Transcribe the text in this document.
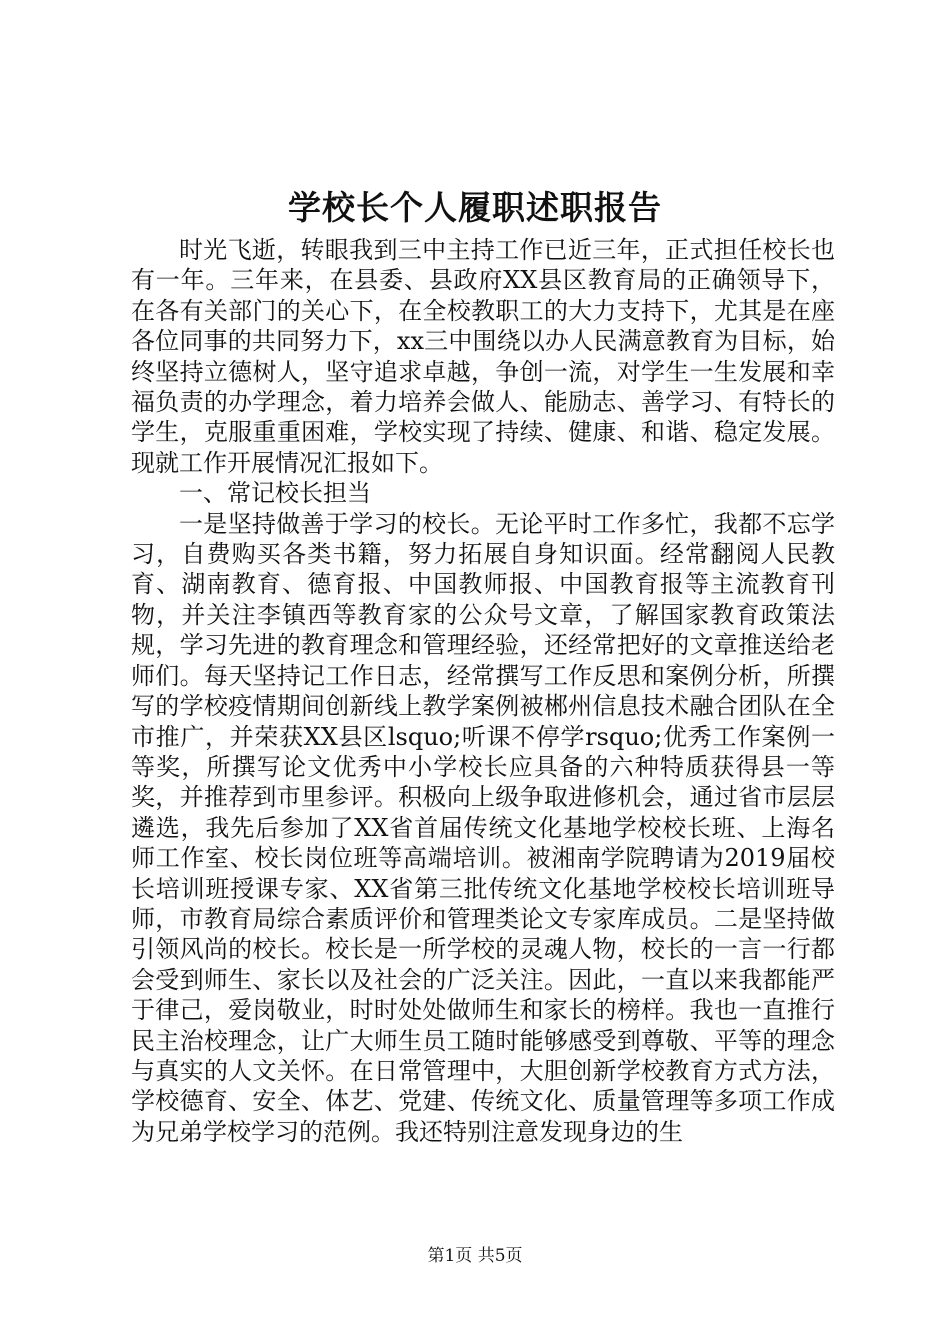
学校长个人履职述职报告

时光飞逝，转眼我到三中主持工作已近三年，正式担任校长也有一年。三年来，在县委、县政府XX县区教育局的正确领导下，在各有关部门的关心下，在全校教职工的大力支持下，尤其是在座各位同事的共同努力下，xx三中围绕以办人民满意教育为目标，始终坚持立德树人，坚守追求卓越，争创一流，对学生一生发展和幸福负责的办学理念，着力培养会做人、能励志、善学习、有特长的学生，克服重重困难，学校实现了持续、健康、和谐、稳定发展。现就工作开展情况汇报如下。

一、常记校长担当

一是坚持做善于学习的校长。无论平时工作多忙，我都不忘学习，自费购买各类书籍，努力拓展自身知识面。经常翻阅人民教育、湖南教育、德育报、中国教师报、中国教育报等主流教育刊物，并关注李镇西等教育家的公众号文章，了解国家教育政策法规，学习先进的教育理念和管理经验，还经常把好的文章推送给老师们。每天坚持记工作日志，经常撰写工作反思和案例分析，所撰写的学校疫情期间创新线上教学案例被郴州信息技术融合团队在全市推广，并荣获XX县区lsquo;听课不停学rsquo;优秀工作案例一等奖，所撰写论文优秀中小学校长应具备的六种特质获得县一等奖，并推荐到市里参评。积极向上级争取进修机会，通过省市层层遴选，我先后参加了XX省首届传统文化基地学校校长班、上海名师工作室、校长岗位班等高端培训。被湘南学院聘请为2019届校长培训班授课专家、XX省第三批传统文化基地学校校长培训班导师，市教育局综合素质评价和管理类论文专家库成员。二是坚持做引领风尚的校长。校长是一所学校的灵魂人物，校长的一言一行都会受到师生、家长以及社会的广泛关注。因此，一直以来我都能严于律己，爱岗敬业，时时处处做师生和家长的榜样。我也一直推行民主治校理念，让广大师生员工随时能够感受到尊敬、平等的理念与真实的人文关怀。在日常管理中，大胆创新学校教育方式方法，学校德育、安全、体艺、党建、传统文化、质量管理等多项工作成为兄弟学校学习的范例。我还特别注意发现身边的生

第1页 共5页
